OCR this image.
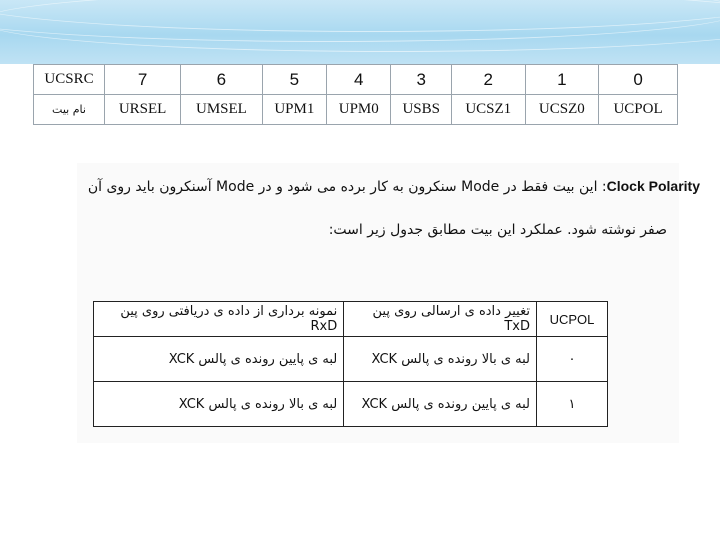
UCSRC	7	6	5	4	3	2	1	0
نام بیت	URSEL	UMSEL	UPM1	UPM0	USBS	UCSZ1	UCSZ0	UCPOL
Clock Polarity: این بیت فقط در Mode سنکرون به کار برده می شود و در Mode آسنکرون باید روی آن
صفر نوشته شود. عملکرد این بیت مطابق جدول زیر است:
نمونه برداری از داده ی دریافتی روی پین RxD	تغییر داده ی ارسالی روی پین TxD	UCPOL
لبه ی پایین رونده ی پالس XCK	لبه ی بالا رونده ی پالس XCK	۰
لبه ی بالا رونده ی پالس XCK	لبه ی پایین رونده ی پالس XCK	۱
